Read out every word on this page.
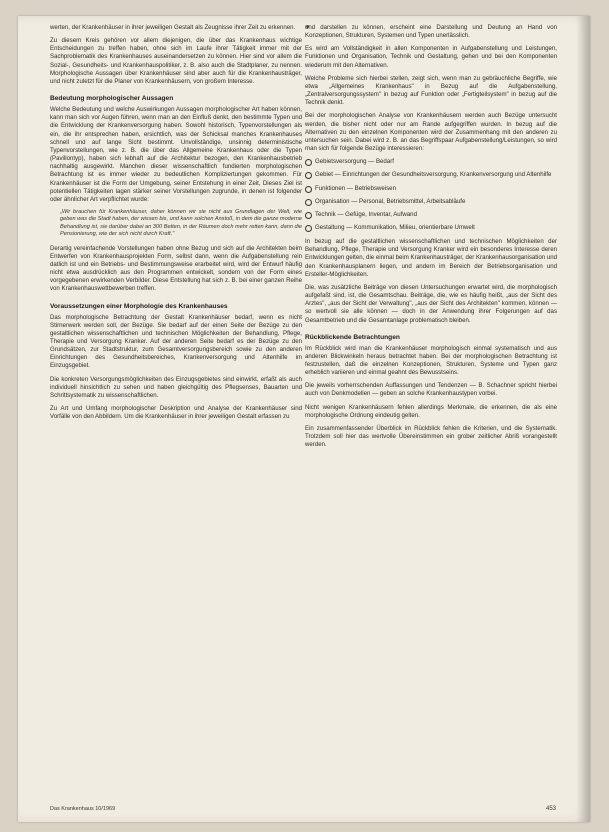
werten, der Krankenhäuser in ihrer jeweiligen Gestalt als Zeugnisse ihrer Zeit zu erkennen.

Zu diesem Kreis gehören vor allem diejenigen, die über das Krankenhaus wichtige Entscheidungen zu treffen haben, ohne sich im Laufe ihrer Tätigkeit immer mit der Sachproblematik des Krankenhauses auseinandersetzen zu können. Hier sind vor allem die Sozial-, Gesundheits- und Krankenhauspolitiker, z. B. also auch die Stadtplaner, zu nennen. Morphologische Aussagen über Krankenhäuser sind aber auch für die Krankenhausträger, und nicht zuletzt für die Planer von Krankenhäusern, von großem Interesse.

Bedeutung morphologischer Aussagen

Welche Bedeutung und welche Auswirkungen Aussagen morphologischer Art haben können, kann man sich vor Augen führen, wenn man an den Einfluß denkt, den bestimmte Typen und die Entwicklung der Krankenversorgung haben. Sowohl historisch, Typenvorstellungen als ein, die ihr entsprechen haben, ersichtlich, was der Schicksal manches Krankenhauses schnell und auf lange Sicht bestimmt. Unvollständige, unsinnig deterministische Typenvorstellungen, wie z. B. die über das Allgemeine Krankenhaus oder die Typen (Pavillontyp), haben sich lebhaft auf die Architektur bezogen, den Krankenhausbetrieb nachhaltig ausgewirkt. Manchen dieser wissenschaftlich fundierten morphologischen Betrachtung ist es immer wieder zu bedeutlichen Kompliziertungen gekommen. Für Krankenhäuser ist die Form der Umgebung, seiner Entstehung in einer Zeit, Dieses Ziel ist potentiellen Tätigkeiten lagen stärker seiner Vorstellungen zugrunde, in denen ist folgender oder ähnlicher Art verpflichtet wurde:

„Wir brauchen für Krankenhäuser, daher können wir sie nicht aus Grundlagen der Welt, wie geben was die Stadt haben, der wissen bis, und kann solchen Anstoß, in dem die ganze moderne Behandlung ist, sie darüber dabei an 300 Betten, in der Räumen doch mehr retten kann, dann die Pensionierung, wie der sich nicht durch Kraft."

Derartig vereinfachende Vorstellungen haben ohne Bezug und sich auf die Architekten beim Entwerfen von Krankenhausprojekten Form, selbst dann, wenn die Aufgabenstellung rein datlich ist und ein Betriebs- und Bestimmungsweise erarbeitet wird, wird der Entwurf häufig nicht etwa ausdrücklich aus den Programmen entwickelt, sondern von der Form eines vorgegebenen erwirkenden Verbilder. Diese Entstellung hat sich z. B. bei einer ganzen Reihe von Krankenhauswettbewerben treffen.

Voraussetzungen einer Morphologie des Krankenhauses

Das morphologische Betrachtung der Gestalt Krankenhäuser bedarf, wenn es nicht Stirnerwerk werden soll, der Bezüge. Sie bedarf auf der einen Seite der Bezüge zu den gestaltlichen wissenschaftlichen und technischen Möglichkeiten der Behandlung, Pflege, Therapie und Versorgung Kranker. Auf der anderen Seite bedarf es der Bezüge zu den Grundsätzen, zur Stadtstruktur, zum Gesamtversorgungsbereich sowie zu den anderen Einrichtungen des Gesundheitsbereiches, Krankenversorgung und Altenhilfe im Einzugsgebiet.

Die konkreten Versorgungsmöglichkeiten des Einzugsgebietes sind einwirkt, erfaßt als auch individuell hinsichtlich zu sehen und haben gleichgültig des Pflegsenses, Bauarten und Schrittsystematik zu wissenschaftlichen.

Zu Art und Umfang morphologischer Deskription und Analyse der Krankenhäuser sind Vorfälle von den Abbildern. Um die Krankenhäuser in ihrer jeweiligen Gestalt erfassen zu

und darstellen zu können, erscheint eine Darstellung und Deutung an Hand von Konzeptionen, Strukturen, Systemen und Typen unerlässlich.

Es wird am Vollständigkeit in allen Komponenten in Aufgabenstellung und Leistungen, Funktionen und Organisation, Technik und Gestaltung, gehen und bei den Komponenten wiederum mit den Alternativen.

Welche Probleme sich hierbei stellen, zeigt sich, wenn man zu gebräuchliche Begriffe, wie etwa „Allgemeines Krankenhaus" in Bezug auf die Aufgabenstellung, „Zentralversorgungssystem" in bezug auf Funktion oder „Fertigteilsystem" in bezug auf die Technik denkt.

Bei der morphologischen Analyse von Krankenhäusern werden auch Bezüge untersucht werden, die bisher nicht oder nur am Rande aufgegriffen wurden. In bezug auf die Alternativen zu den einzelnen Komponenten wird der Zusammenhang mit den anderen zu untersuchen sein. Dabei wird z. B. an das Begriffspaar Aufgabenstellung/Leistungen, so wird man sich für folgende Bezüge interessieren:

Gebietsversorgung — Bedarf
Gebiet — Einrichtungen der Gesundheitsversorgung, Krankenversorgung und Altenhilfe
Funktionen — Betriebsweisen
Organisation — Personal, Betriebsmittel, Arbeitsabläufe
Technik — Gefüge, Inventar, Aufwand
Gestaltung — Kommunikation, Milieu, orientierbare Umwelt

In bezug auf die gestaltlichen wissenschaftlichen und technischen Möglichkeiten der Behandlung, Pflege, Therapie und Versorgung Kranker wird ein besonderes Interesse deren Entwicklungen gelten, die einmal beim Krankenhausträger, der Krankenhausorganisation und den Krankenhausplanern liegen, und andern im Bereich der Betriebsorganisation und Ersteller-Möglichkeiten.

Die, was zusätzliche Beiträge von diesen Untersuchungen erwartet wird, die morphologisch aufgefaßt sind, ist, die Gesamtschau. Beiträge, die, wie es häufig heißt, „aus der Sicht des Arztes", „aus der Sicht der Verwaltung", „aus der Sicht des Architekten" kommen, können — so wertvoll sie alle können — doch in der Anwendung ihrer Folgerungen auf das Gesamtbetrieb und die Gesamtanlage problematisch bleiben.

Rückblickende Betrachtungen

Im Rückblick wird man die Krankenhäuser morphologisch einmal systematisch und aus anderen Blickwinkeln heraus betrachtet haben. Bei der morphologischen Betrachtung ist festzustellen, daß die einzelnen Konzeptionen, Strukturen, Systeme und Typen ganz erheblich variieren und einmal geahnt des Bewusstseins.

Die jeweils vorherrschenden Auffassungen und Tendenzen — B. Schachner spricht hierbei auch von Denkmodellen — geben an solche Krankenhaustypen vorbei.

Nicht wenigen Krankenhäusern fehlen allerdings Merkmale, die erkennen, die als eine morphologische Ordnung eindeutig gelten.

Ein zusammenfassender Überblick im Rückblick fehlen die Kriterien, und die Systematik. Trotzdem soll hier das wertvolle Übereinstimmen ein grober zeitlicher Abriß vorangestellt werden.

Das Krankenhaus 10/1969	453
